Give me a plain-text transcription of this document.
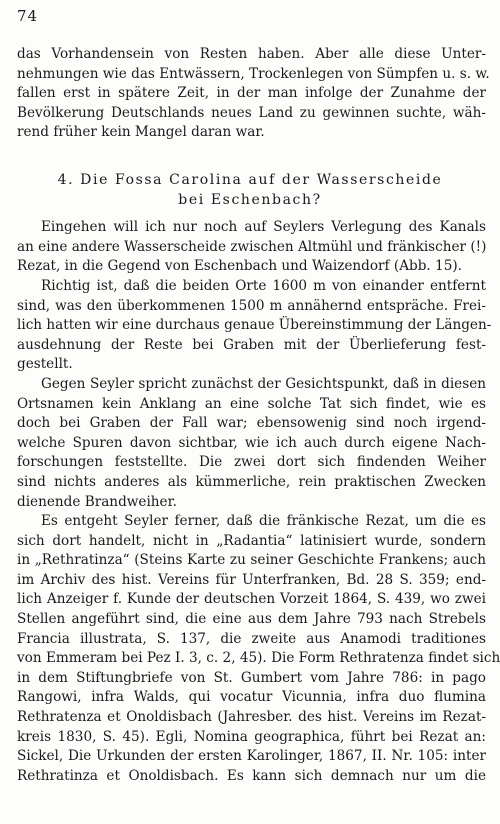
74
das Vorhandensein von Resten haben. Aber alle diese Unter-
nehmungen wie das Entwässern, Trockenlegen von Sümpfen u. s. w.
fallen erst in spätere Zeit, in der man infolge der Zunahme der
Bevölkerung Deutschlands neues Land zu gewinnen suchte, wäh-
rend früher kein Mangel daran war.
4. Die Fossa Carolina auf der Wasserscheide
bei Eschenbach?
Eingehen will ich nur noch auf Seylers Verlegung des Kanals
an eine andere Wasserscheide zwischen Altmühl und fränkischer (!)
Rezat, in die Gegend von Eschenbach und Waizendorf (Abb. 15).
Richtig ist, daß die beiden Orte 1600 m von einander entfernt
sind, was den überkommenen 1500 m annähernd entspräche. Frei-
lich hatten wir eine durchaus genaue Übereinstimmung der Längen-
ausdehnung der Reste bei Graben mit der Überlieferung fest-
gestellt.
Gegen Seyler spricht zunächst der Gesichtspunkt, daß in diesen
Ortsnamen kein Anklang an eine solche Tat sich findet, wie es
doch bei Graben der Fall war; ebensowenig sind noch irgend-
welche Spuren davon sichtbar, wie ich auch durch eigene Nach-
forschungen feststellte. Die zwei dort sich findenden Weiher
sind nichts anderes als kümmerliche, rein praktischen Zwecken
dienende Brandweiher.
Es entgeht Seyler ferner, daß die fränkische Rezat, um die es
sich dort handelt, nicht in „Radantia“ latinisiert wurde, sondern
in „Rethratinza“ (Steins Karte zu seiner Geschichte Frankens; auch
im Archiv des hist. Vereins für Unterfranken, Bd. 28 S. 359; end-
lich Anzeiger f. Kunde der deutschen Vorzeit 1864, S. 439, wo zwei
Stellen angeführt sind, die eine aus dem Jahre 793 nach Strebels
Francia illustrata, S. 137, die zweite aus Anamodi traditiones
von Emmeram bei Pez I. 3, c. 2, 45). Die Form Rethratenza findet sich
in dem Stiftungbriefe von St. Gumbert vom Jahre 786: in pago
Rangowi, infra Walds, qui vocatur Vicunnia, infra duo flumina
Rethratenza et Onoldisbach (Jahresber. des hist. Vereins im Rezat-
kreis 1830, S. 45). Egli, Nomina geographica, führt bei Rezat an:
Sickel, Die Urkunden der ersten Karolinger, 1867, II. Nr. 105: inter
Rethratinza et Onoldisbach. Es kann sich demnach nur um die
